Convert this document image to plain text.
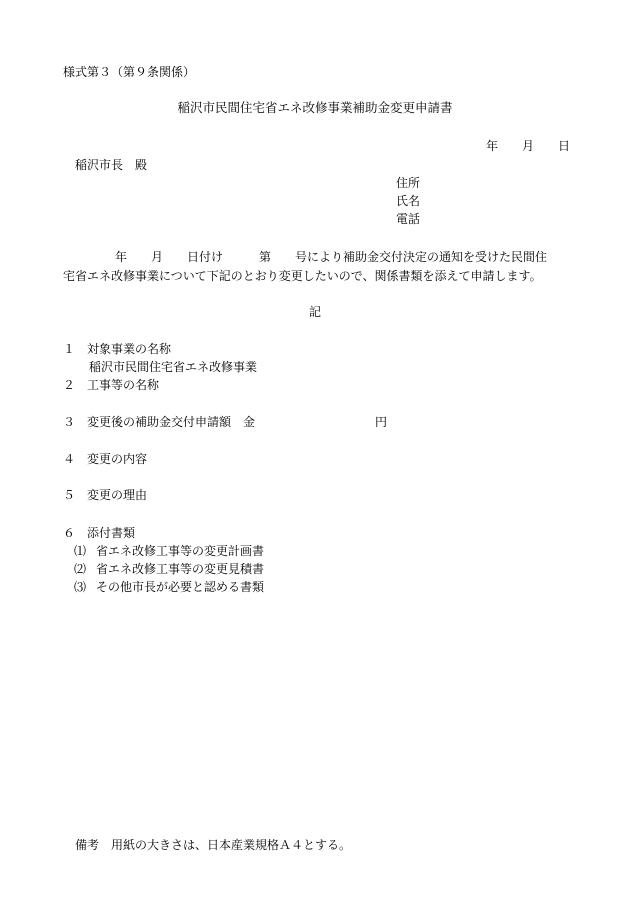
様式第３（第９条関係）
稲沢市民間住宅省エネ改修事業補助金変更申請書
年　　月　　日
稲沢市長　殿
住所
氏名
電話
年　　月　　日付け　　　第　　号により補助金交付決定の通知を受けた民間住
宅省エネ改修事業について下記のとおり変更したいので、関係書類を添えて申請します。
記
１ 対象事業の名称
稲沢市民間住宅省エネ改修事業
２ 工事等の名称
３ 変更後の補助金交付申請額　金　　　　　　　　　　円
４ 変更の内容
５ 変更の理由
６ 添付書類
⑴ 省エネ改修工事等の変更計画書
⑵ 省エネ改修工事等の変更見積書
⑶ その他市長が必要と認める書類
備考　用紙の大きさは、日本産業規格Ａ４とする。
